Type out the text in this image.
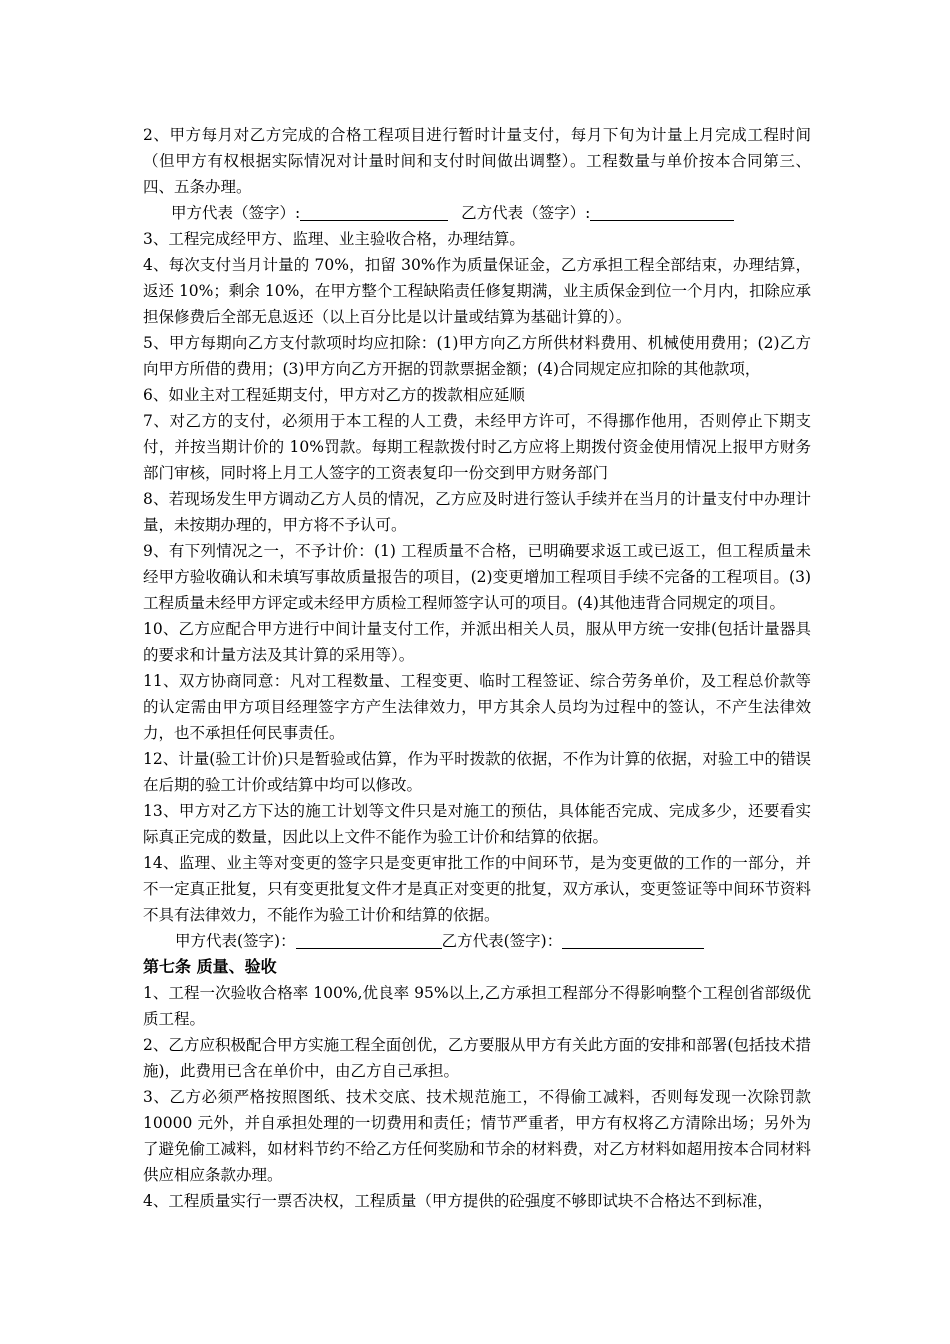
2、甲方每月对乙方完成的合格工程项目进行暂时计量支付，每月下旬为计量上月完成工程时间（但甲方有权根据实际情况对计量时间和支付时间做出调整）。工程数量与单价按本合同第三、四、五条办理。

甲方代表（签字）:	乙方代表（签字）:

3、工程完成经甲方、监理、业主验收合格，办理结算。

4、每次支付当月计量的 70%，扣留 30%作为质量保证金，乙方承担工程全部结束，办理结算，返还 10%；剩余 10%，在甲方整个工程缺陷责任修复期满，业主质保金到位一个月内，扣除应承担保修费后全部无息返还（以上百分比是以计量或结算为基础计算的）。

5、甲方每期向乙方支付款项时均应扣除：(1)甲方向乙方所供材料费用、机械使用费用；(2)乙方向甲方所借的费用；(3)甲方向乙方开据的罚款票据金额；(4)合同规定应扣除的其他款项，

6、如业主对工程延期支付，甲方对乙方的拨款相应延顺

7、对乙方的支付，必须用于本工程的人工费，未经甲方许可，不得挪作他用，否则停止下期支付，并按当期计价的 10%罚款。每期工程款拨付时乙方应将上期拨付资金使用情况上报甲方财务部门审核，同时将上月工人签字的工资表复印一份交到甲方财务部门

8、若现场发生甲方调动乙方人员的情况，乙方应及时进行签认手续并在当月的计量支付中办理计量，未按期办理的，甲方将不予认可。

9、有下列情况之一，不予计价：(1) 工程质量不合格，已明确要求返工或已返工，但工程质量未经甲方验收确认和未填写事故质量报告的项目，(2)变更增加工程项目手续不完备的工程项目。(3)工程质量未经甲方评定或未经甲方质检工程师签字认可的项目。(4)其他违背合同规定的项目。

10、乙方应配合甲方进行中间计量支付工作，并派出相关人员，服从甲方统一安排(包括计量器具的要求和计量方法及其计算的采用等）。

11、双方协商同意：凡对工程数量、工程变更、临时工程签证、综合劳务单价，及工程总价款等的认定需由甲方项目经理签字方产生法律效力，甲方其余人员均为过程中的签认，不产生法律效力，也不承担任何民事责任。

12、计量(验工计价)只是暂验或估算，作为平时拨款的依据，不作为计算的依据，对验工中的错误在后期的验工计价或结算中均可以修改。

13、甲方对乙方下达的施工计划等文件只是对施工的预估，具体能否完成、完成多少，还要看实际真正完成的数量，因此以上文件不能作为验工计价和结算的依据。

14、监理、业主等对变更的签字只是变更审批工作的中间环节，是为变更做的工作的一部分，并不一定真正批复，只有变更批复文件才是真正对变更的批复，双方承认，变更签证等中间环节资料不具有法律效力，不能作为验工计价和结算的依据。

甲方代表(签字)：	乙方代表(签字)：

第七条 质量、验收

1、工程一次验收合格率 100%,优良率 95%以上,乙方承担工程部分不得影响整个工程创省部级优质工程。

2、乙方应积极配合甲方实施工程全面创优，乙方要服从甲方有关此方面的安排和部署(包括技术措施)，此费用已含在单价中，由乙方自己承担。

3、乙方必须严格按照图纸、技术交底、技术规范施工，不得偷工减料，否则每发现一次除罚款 10000 元外，并自承担处理的一切费用和责任；情节严重者，甲方有权将乙方清除出场；另外为了避免偷工减料，如材料节约不给乙方任何奖励和节余的材料费，对乙方材料如超用按本合同材料供应相应条款办理。

4、工程质量实行一票否决权，工程质量（甲方提供的砼强度不够即试块不合格达不到标准，
